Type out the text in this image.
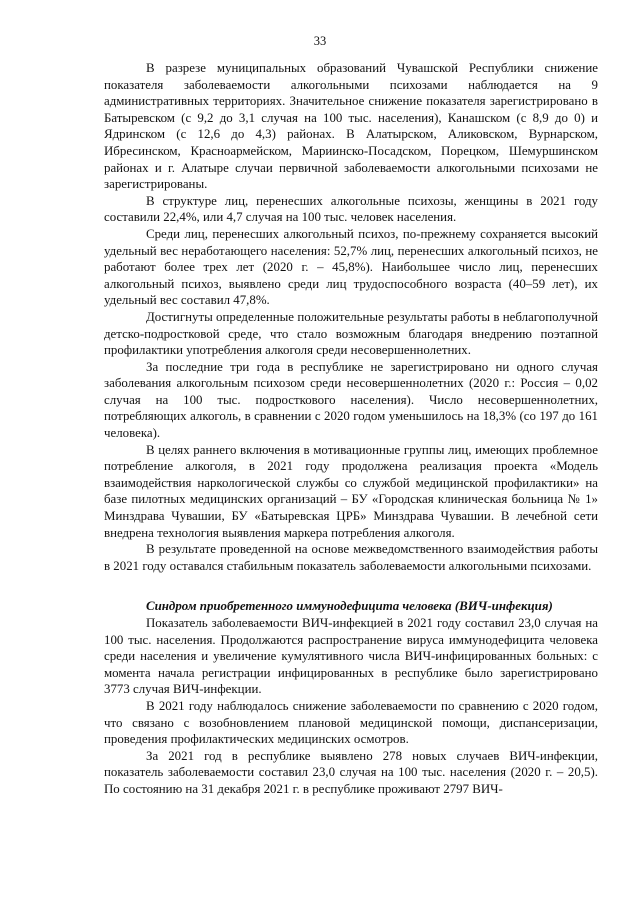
33

В разрезе муниципальных образований Чувашской Республики снижение показателя заболеваемости алкогольными психозами наблюдается на 9 административных территориях. Значительное снижение показателя зарегистрировано в Батыревском (с 9,2 до 3,1 случая на 100 тыс. населения), Канашском (с 8,9 до 0) и Ядринском (с 12,6 до 4,3) районах. В Алатырском, Аликовском, Вурнарском, Ибресинском, Красноармейском, Мариинско-Посадском, Порецком, Шемуршинском районах и г. Алатыре случаи первичной заболеваемости алкогольными психозами не зарегистрированы.

В структуре лиц, перенесших алкогольные психозы, женщины в 2021 году составили 22,4%, или 4,7 случая на 100 тыс. человек населения.

Среди лиц, перенесших алкогольный психоз, по-прежнему сохраняется высокий удельный вес неработающего населения: 52,7% лиц, перенесших алкогольный психоз, не работают более трех лет (2020 г. – 45,8%). Наибольшее число лиц, перенесших алкогольный психоз, выявлено среди лиц трудоспособного возраста (40–59 лет), их удельный вес составил 47,8%.

Достигнуты определенные положительные результаты работы в неблагополучной детско-подростковой среде, что стало возможным благодаря внедрению поэтапной профилактики употребления алкоголя среди несовершеннолетних.

За последние три года в республике не зарегистрировано ни одного случая заболевания алкогольным психозом среди несовершеннолетних (2020 г.: Россия – 0,02 случая на 100 тыс. подросткового населения). Число несовершеннолетних, потребляющих алкоголь, в сравнении с 2020 годом уменьшилось на 18,3% (со 197 до 161 человека).

В целях раннего включения в мотивационные группы лиц, имеющих проблемное потребление алкоголя, в 2021 году продолжена реализация проекта «Модель взаимодействия наркологической службы со службой медицинской профилактики» на базе пилотных медицинских организаций – БУ «Городская клиническая больница № 1» Минздрава Чувашии, БУ «Батыревская ЦРБ» Минздрава Чувашии. В лечебной сети внедрена технология выявления маркера потребления алкоголя.

В результате проведенной на основе межведомственного взаимодействия работы в 2021 году оставался стабильным показатель заболеваемости алкогольными психозами.

Синдром приобретенного иммунодефицита человека (ВИЧ-инфекция)

Показатель заболеваемости ВИЧ-инфекцией в 2021 году составил 23,0 случая на 100 тыс. населения. Продолжаются распространение вируса иммунодефицита человека среди населения и увеличение кумулятивного числа ВИЧ-инфицированных больных: с момента начала регистрации инфицированных в республике было зарегистрировано 3773 случая ВИЧ-инфекции.

В 2021 году наблюдалось снижение заболеваемости по сравнению с 2020 годом, что связано с возобновлением плановой медицинской помощи, диспансеризации, проведения профилактических медицинских осмотров.

За 2021 год в республике выявлено 278 новых случаев ВИЧ-инфекции, показатель заболеваемости составил 23,0 случая на 100 тыс. населения (2020 г. – 20,5). По состоянию на 31 декабря 2021 г. в республике проживают 2797 ВИЧ-
